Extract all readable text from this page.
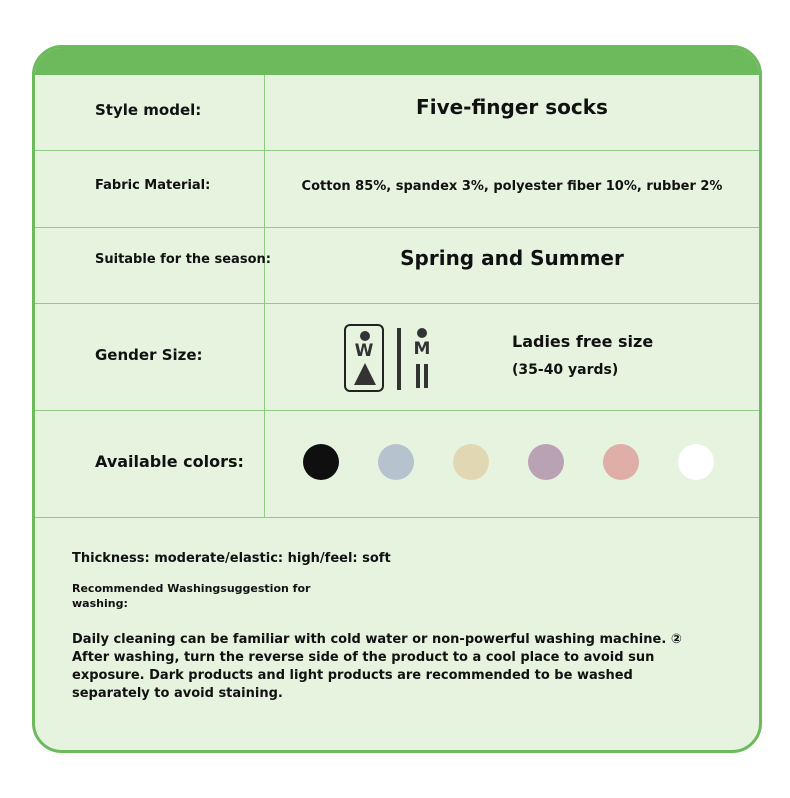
Style model:	Five-finger socks
Fabric Material:	Cotton 85%, spandex 3%, polyester fiber 10%, rubber 2%
Suitable for the season:	Spring and Summer
Gender Size:	W	M	Ladies free size
(35-40 yards)
Available colors:
Thickness: moderate/elastic: high/feel: soft
Recommended Washingsuggestion for washing:
Daily cleaning can be familiar with cold water or non-powerful washing machine. ② After washing, turn the reverse side of the product to a cool place to avoid sun exposure. Dark products and light products are recommended to be washed separately to avoid staining.
